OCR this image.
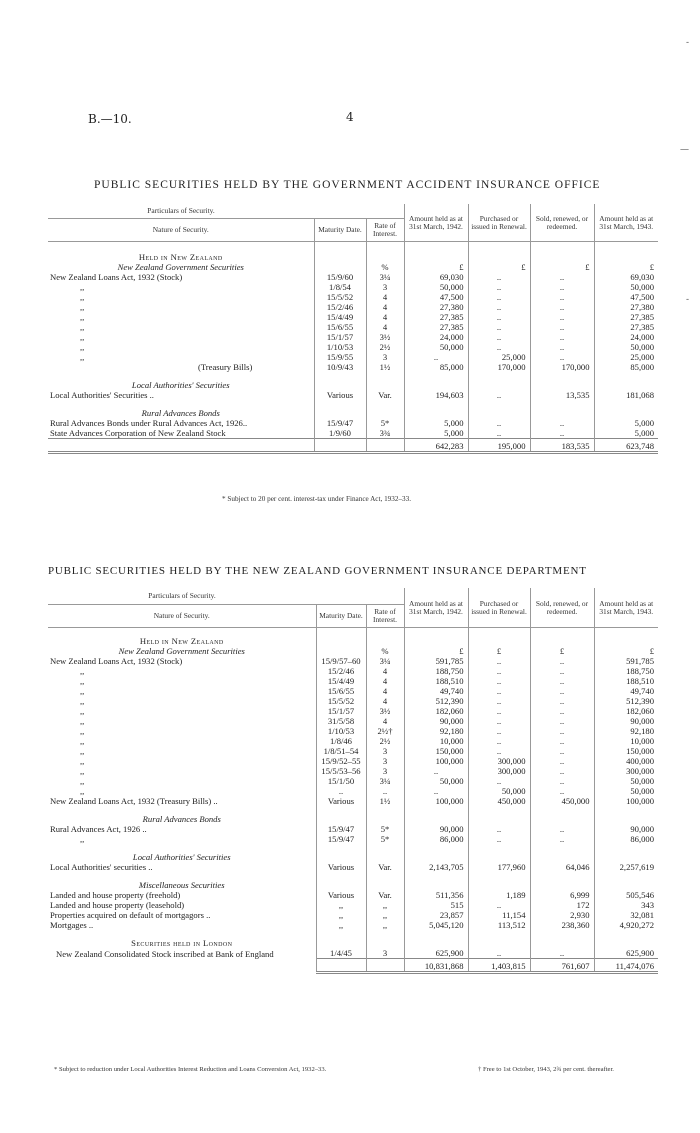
B.—10.	4
-
—
-
PUBLIC SECURITIES HELD BY THE GOVERNMENT ACCIDENT INSURANCE OFFICE
Particulars of Security.			Amount held as at 31st March, 1942.	Purchased or issued in Renewal.	Sold, renewed, or redeemed.	Amount held as at 31st March, 1943.
Nature of Security.	Maturity Date.	Rate of Interest.				

Held in New Zealand						
New Zealand Government Securities		%	£	£	£	£
New Zealand Loans Act, 1932 (Stock)	15/9/60	3¼	69,030	..	..	69,030
,,	1/8/54	3	50,000	..	..	50,000
,,	15/5/52	4	47,500	..	..	47,500
,,	15/2/46	4	27,380	..	..	27,380
,,	15/4/49	4	27,385	..	..	27,385
,,	15/6/55	4	27,385	..	..	27,385
,,	15/1/57	3½	24,000	..	..	24,000
,,	1/10/53	2½	50,000	..	..	50,000
,,	15/9/55	3	..	25,000	..	25,000
(Treasury Bills)	10/9/43	1½	85,000	170,000	170,000	85,000

Local Authorities' Securities						
Local Authorities' Securities ..	Various	Var.	194,603	..	13,535	181,068

Rural Advances Bonds						
Rural Advances Bonds under Rural Advances Act, 1926..	15/9/47	5*	5,000	..	..	5,000
State Advances Corporation of New Zealand Stock	1/9/60	3¾	5,000	..	..	5,000
			642,283	195,000	183,535	623,748
* Subject to 20 per cent. interest-tax under Finance Act, 1932–33.
PUBLIC SECURITIES HELD BY THE NEW ZEALAND GOVERNMENT INSURANCE DEPARTMENT
Particulars of Security.			Amount held as at 31st March, 1942.	Purchased or issued in Renewal.	Sold, renewed, or redeemed.	Amount held as at 31st March, 1943.
Nature of Security.	Maturity Date.	Rate of Interest.				

Held in New Zealand						
New Zealand Government Securities		%	£	£	£	£
New Zealand Loans Act, 1932 (Stock)	15/9/57–60	3¼	591,785	..	..	591,785
,,	15/2/46	4	188,750	..	..	188,750
,,	15/4/49	4	188,510	..	..	188,510
,,	15/6/55	4	49,740	..	..	49,740
,,	15/5/52	4	512,390	..	..	512,390
,,	15/1/57	3½	182,060	..	..	182,060
,,	31/5/58	4	90,000	..	..	90,000
,,	1/10/53	2½†	92,180	..	..	92,180
,,	1/8/46	2½	10,000	..	..	10,000
,,	1/8/51–54	3	150,000	..	..	150,000
,,	15/9/52–55	3	100,000	300,000	..	400,000
,,	15/5/53–56	3	..	300,000	..	300,000
,,	15/1/50	3¼	50,000	..	..	50,000
,,	..	..	..	50,000	..	50,000
New Zealand Loans Act, 1932 (Treasury Bills) ..	Various	1½	100,000	450,000	450,000	100,000

Rural Advances Bonds						
Rural Advances Act, 1926 ..	15/9/47	5*	90,000	..	..	90,000
,,	15/9/47	5*	86,000	..	..	86,000

Local Authorities' Securities						
Local Authorities' securities ..	Various	Var.	2,143,705	177,960	64,046	2,257,619

Miscellaneous Securities						
Landed and house property (freehold)	Various	Var.	511,356	1,189	6,999	505,546
Landed and house property (leasehold)	,,	,,	515	..	172	343
Properties acquired on default of mortgagors ..	,,	,,	23,857	11,154	2,930	32,081
Mortgages ..	,,	,,	5,045,120	113,512	238,360	4,920,272

Securities held in London						
New Zealand Consolidated Stock inscribed at Bank of England	1/4/45	3	625,900	..	..	625,900
			10,831,868	1,403,815	761,607	11,474,076
* Subject to reduction under Local Authorities Interest Reduction and Loans Conversion Act, 1932–33.	† Free to 1st October, 1943, 2¾ per cent. thereafter.
